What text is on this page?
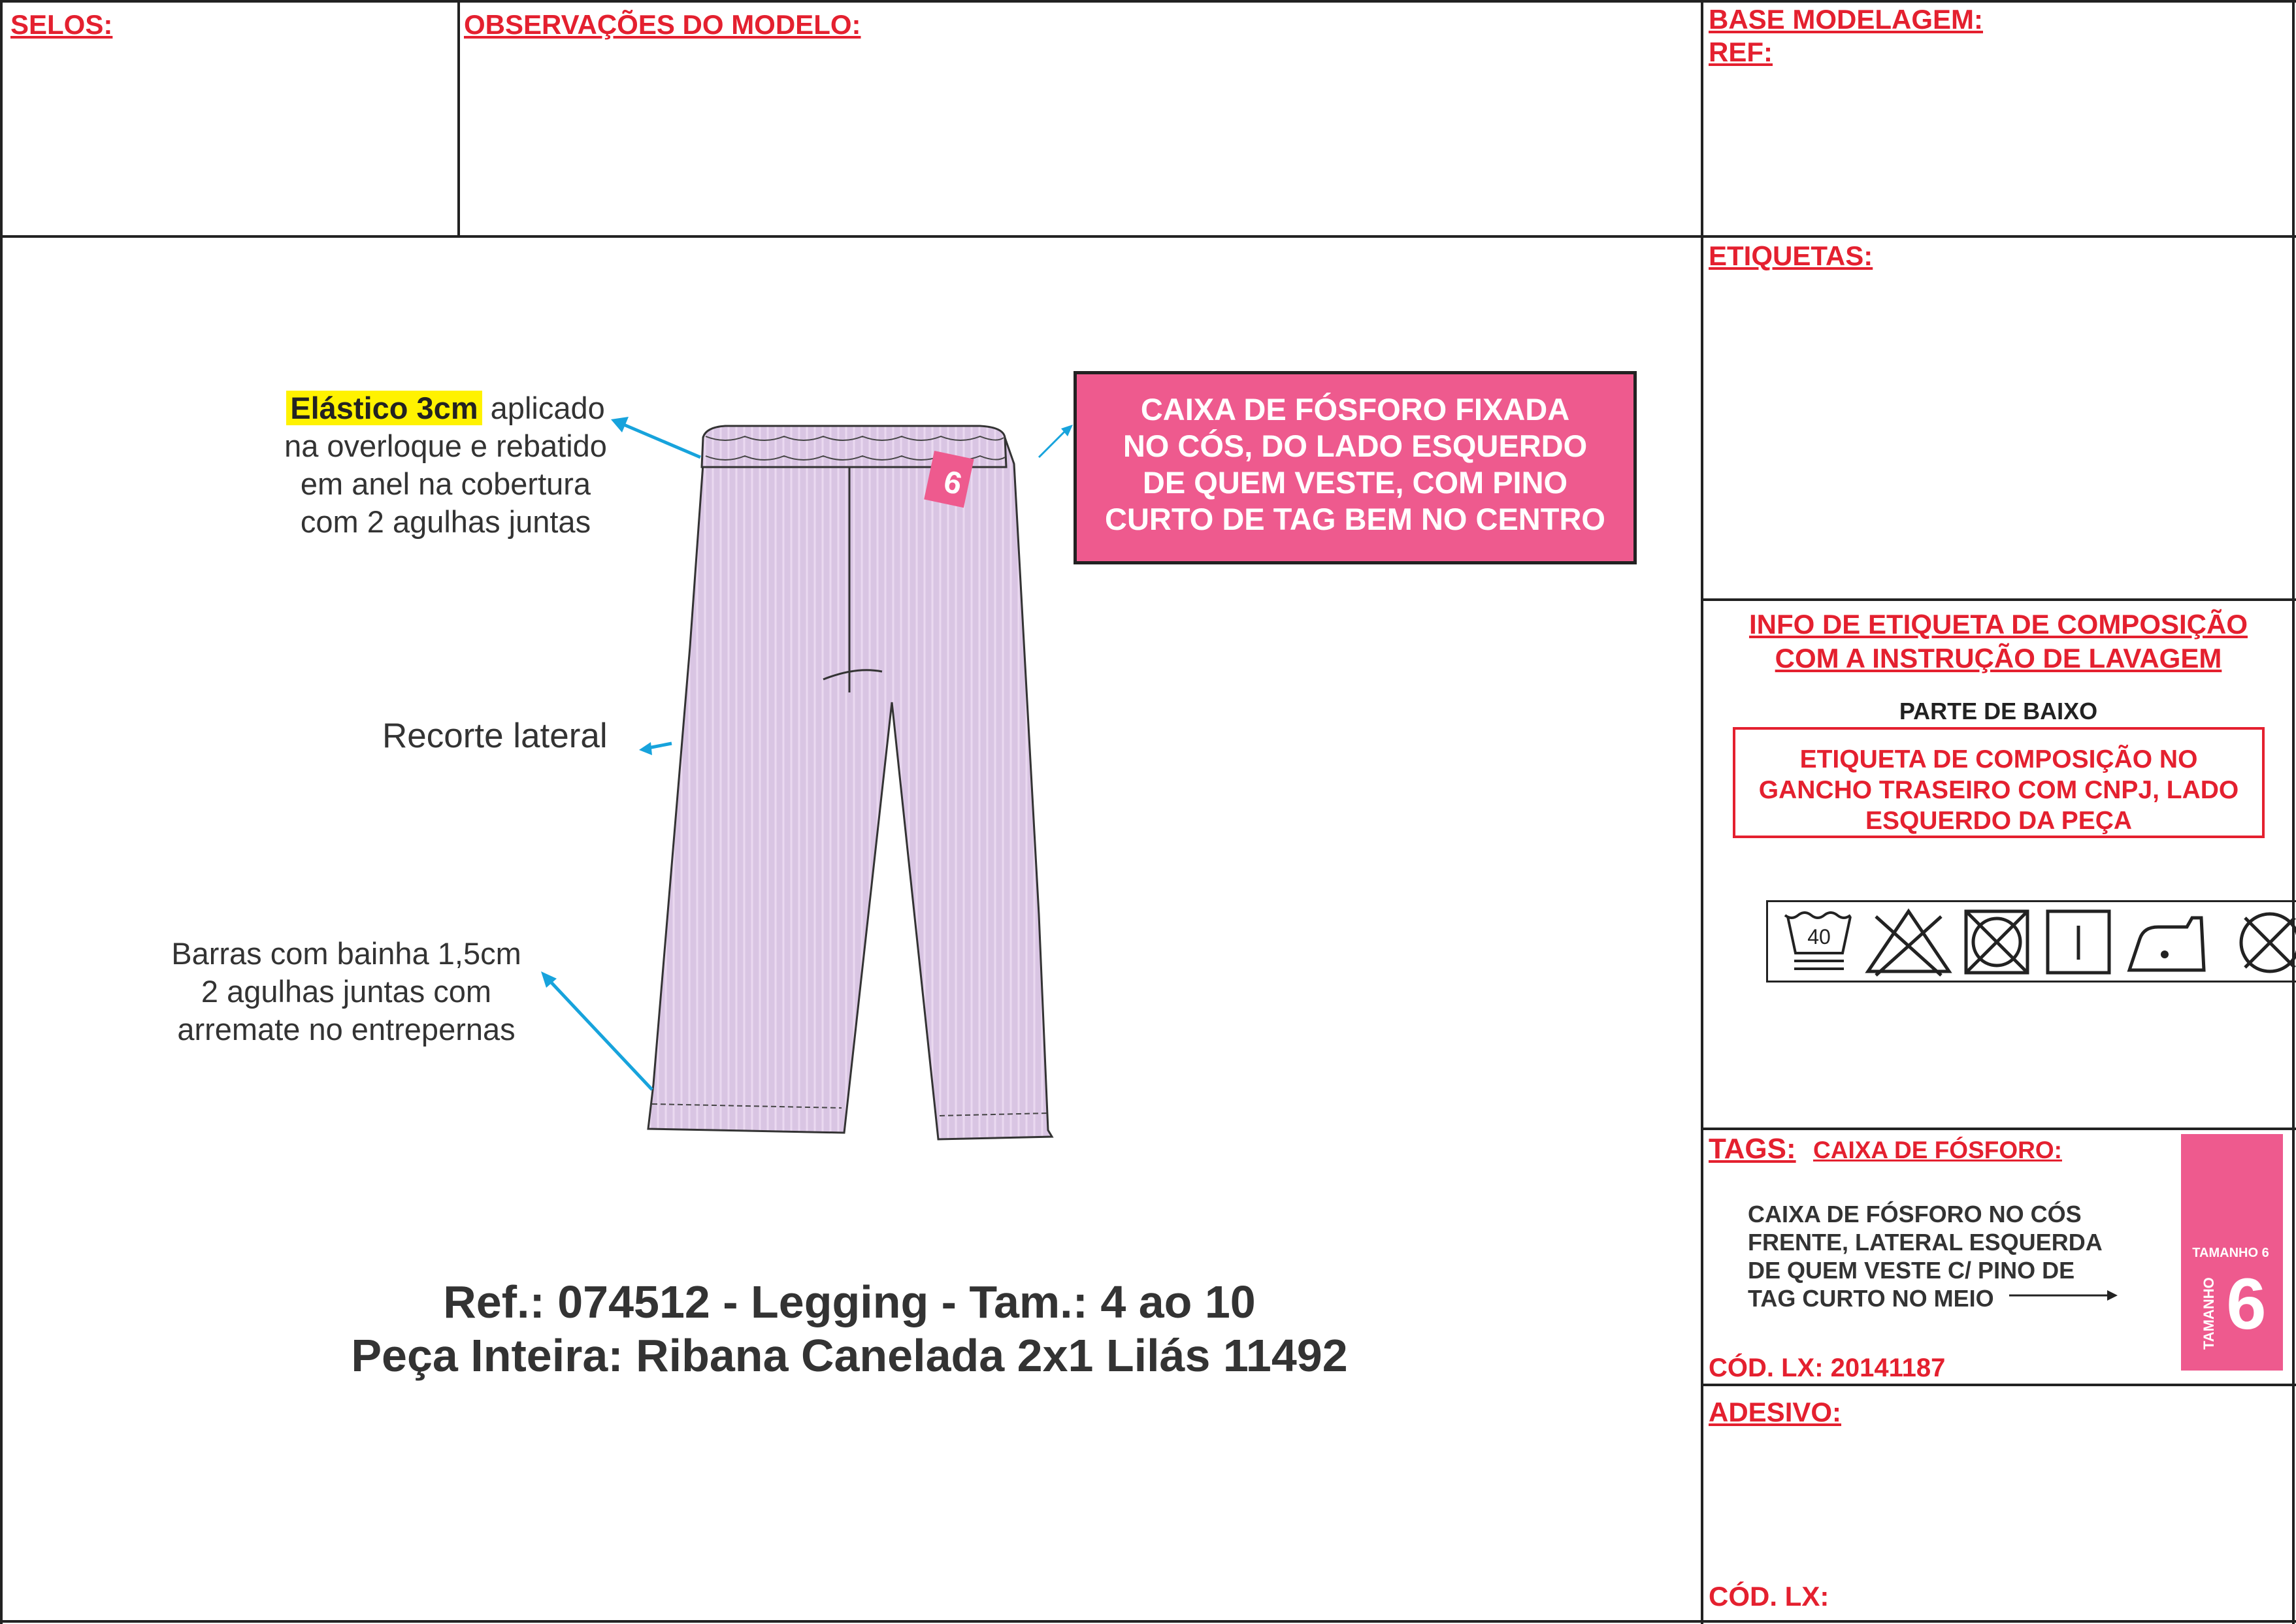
SELOS:	OBSERVAÇÕES DO MODELO:	BASE MODELAGEM:
REF:
ETIQUETAS:
INFO DE ETIQUETA DE COMPOSIÇÃO
COM A INSTRUÇÃO DE LAVAGEM
PARTE DE BAIXO
ETIQUETA DE COMPOSIÇÃO NO
GANCHO TRASEIRO COM CNPJ, LADO
ESQUERDO DA PEÇA
40
TAGS: CAIXA DE FÓSFORO:
CAIXA DE FÓSFORO NO CÓS
FRENTE, LATERAL ESQUERDA
DE QUEM VESTE C/ PINO DE
TAG CURTO NO MEIO
TAMANHO 6
6
TAMANHO
CÓD. LX: 20141187
ADESIVO:
CÓD. LX:
6
Elástico 3cm aplicado
na overloque e rebatido
em anel na cobertura
com 2 agulhas juntas
Recorte lateral
Barras com bainha 1,5cm
2 agulhas juntas com
arremate no entrepernas
CAIXA DE FÓSFORO FIXADA
NO CÓS, DO LADO ESQUERDO
DE QUEM VESTE, COM PINO
CURTO DE TAG BEM NO CENTRO
Ref.: 074512 - Legging - Tam.: 4 ao 10
Peça Inteira: Ribana Canelada 2x1 Lilás 11492
